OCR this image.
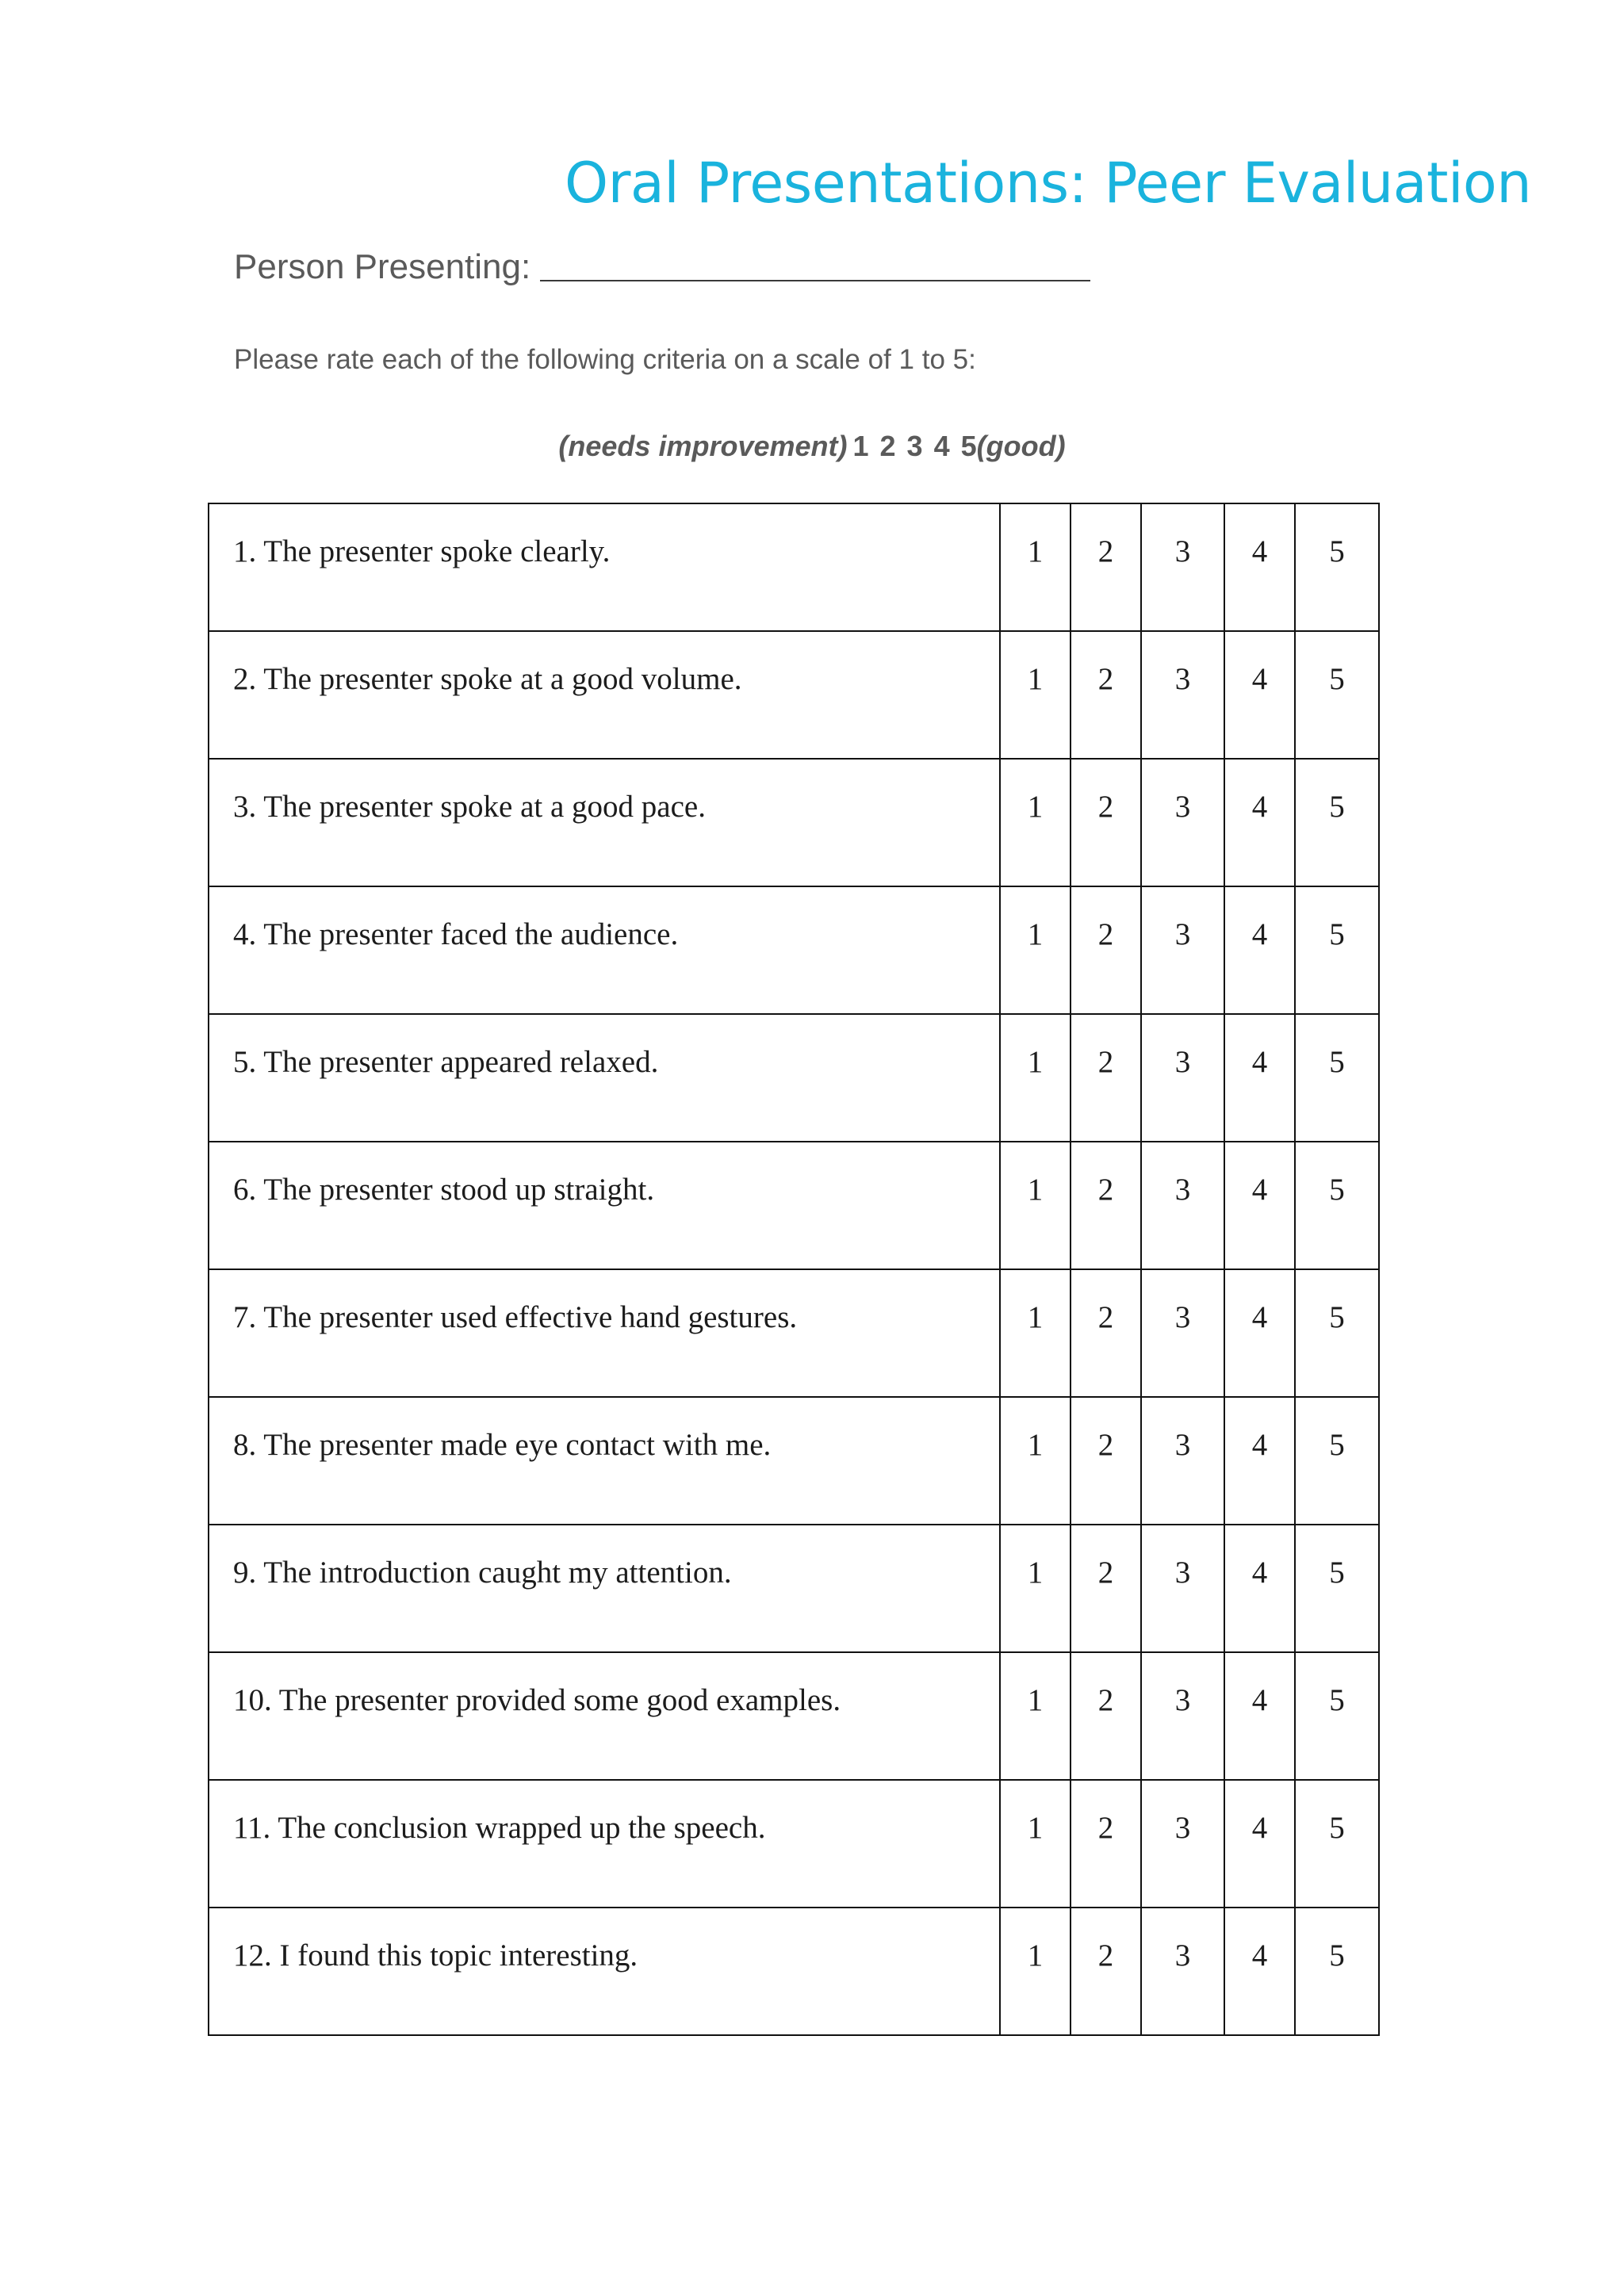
Oral Presentations: Peer Evaluation
Person Presenting:
Please rate each of the following criteria on a scale of 1 to 5:
(needs improvement) 1 2 3 4 5(good)
1. The presenter spoke clearly.	1	2	3	4	5
2. The presenter spoke at a good volume.	1	2	3	4	5
3. The presenter spoke at a good pace.	1	2	3	4	5
4. The presenter faced the audience.	1	2	3	4	5
5. The presenter appeared relaxed.	1	2	3	4	5
6. The presenter stood up straight.	1	2	3	4	5
7. The presenter used effective hand gestures.	1	2	3	4	5
8. The presenter made eye contact with me.	1	2	3	4	5
9. The introduction caught my attention.	1	2	3	4	5
10. The presenter provided some good examples.	1	2	3	4	5
11. The conclusion wrapped up the speech.	1	2	3	4	5
12. I found this topic interesting.	1	2	3	4	5
